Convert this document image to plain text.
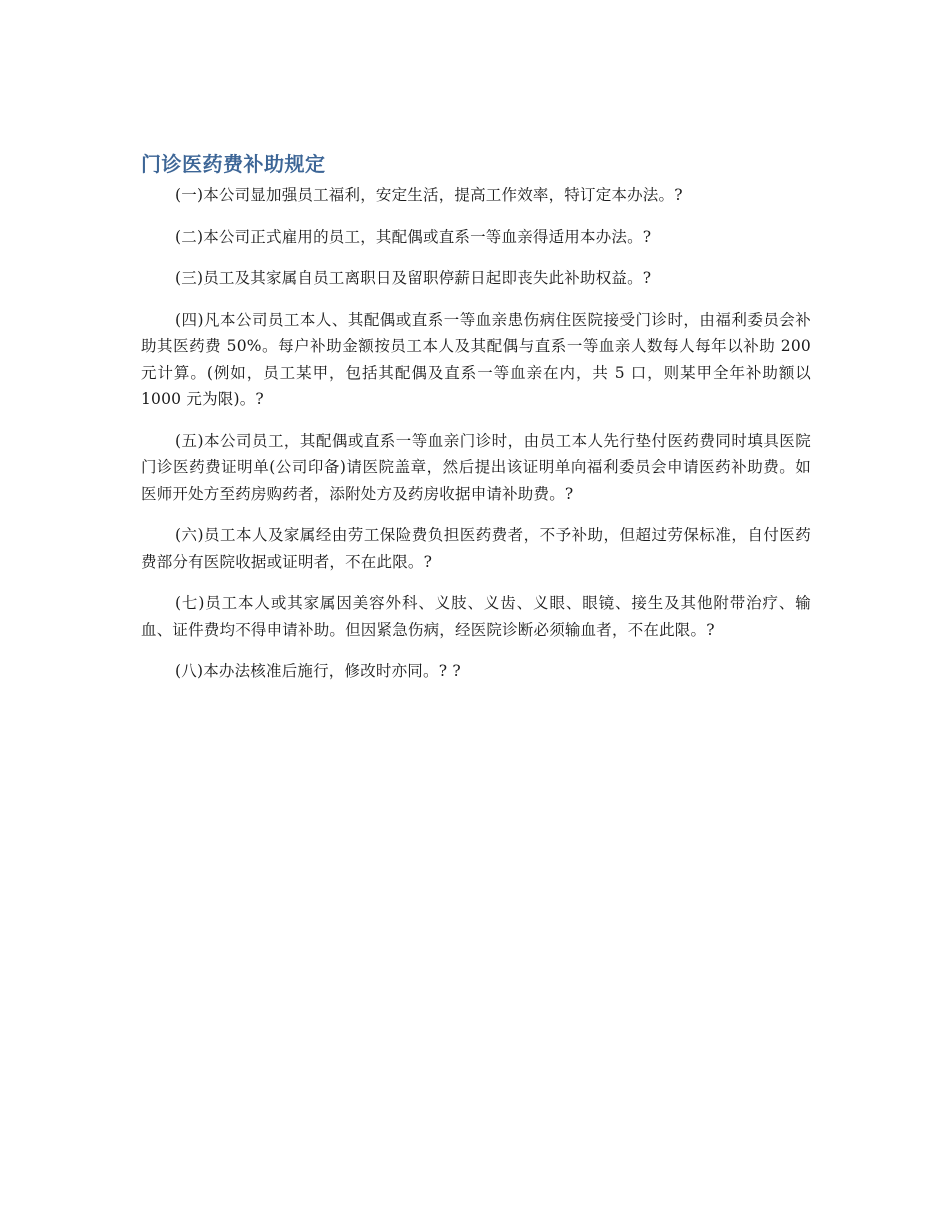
门诊医药费补助规定

(一)本公司显加强员工福利，安定生活，提高工作效率，特订定本办法。?

(二)本公司正式雇用的员工，其配偶或直系一等血亲得适用本办法。?

(三)员工及其家属自员工离职日及留职停薪日起即丧失此补助权益。?

(四)凡本公司员工本人、其配偶或直系一等血亲患伤病住医院接受门诊时，由福利委员会补助其医药费 50%。每户补助金额按员工本人及其配偶与直系一等血亲人数每人每年以补助 200 元计算。(例如，员工某甲，包括其配偶及直系一等血亲在内，共 5 口，则某甲全年补助额以 1000 元为限)。?

(五)本公司员工，其配偶或直系一等血亲门诊时，由员工本人先行垫付医药费同时填具医院门诊医药费证明单(公司印备)请医院盖章，然后提出该证明单向福利委员会申请医药补助费。如医师开处方至药房购药者，添附处方及药房收据申请补助费。?

(六)员工本人及家属经由劳工保险费负担医药费者，不予补助，但超过劳保标准，自付医药费部分有医院收据或证明者，不在此限。?

(七)员工本人或其家属因美容外科、义肢、义齿、义眼、眼镜、接生及其他附带治疗、输血、证件费均不得申请补助。但因紧急伤病，经医院诊断必须输血者，不在此限。?

(八)本办法核准后施行，修改时亦同。? ?
